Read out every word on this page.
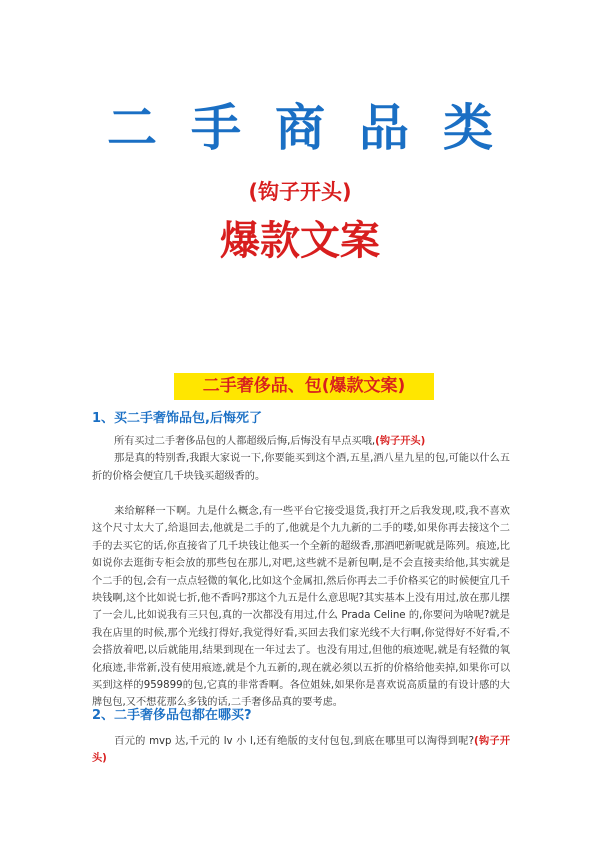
二手商品类
(钩子开头)
爆款文案
二手奢侈品、包(爆款文案)
1、买二手奢饰品包,后悔死了
所有买过二手奢侈品包的人都超级后悔,后悔没有早点买哦,(钩子开头)
那是真的特别香,我跟大家说一下,你要能买到这个酒,五星,酒八星九星的包,可能以什么五折的价格会便宜几千块钱买超级香的。
来给解释一下啊。九是什么概念,有一些平台它接受退货,我打开之后我发现,哎,我不喜欢这个尺寸太大了,给退回去,他就是二手的了,他就是个九九新的二手的喽,如果你再去接这个二手的去买它的话,你直接省了几千块钱让他买一个全新的超级香,那酒吧新呢就是陈列。痕迹,比如说你去逛街专柜会放的那些包在那儿,对吧,这些就不是新包啊,是不会直接卖给他,其实就是个二手的包,会有一点点轻微的氧化,比如这个金属扣,然后你再去二手价格买它的时候便宜几千块钱啊,这个比如说七折,他不香吗?那这个九五是什么意思呢?其实基本上没有用过,放在那儿摆了一会儿,比如说我有三只包,真的一次都没有用过,什么 Prada Celine 的,你要问为啥呢?就是我在店里的时候,那个光线打得好,我觉得好看,买回去我们家光线不大行啊,你觉得好不好看,不会搭放着吧,以后就能用,结果到现在一年过去了。也没有用过,但他的痕迹呢,就是有轻微的氧化痕迹,非常新,没有使用痕迹,就是个九五新的,现在就必须以五折的价格给他卖掉,如果你可以买到这样的959899的包,它真的非常香啊。各位姐妹,如果你是喜欢说高质量的有设计感的大牌包包,又不想花那么多钱的话,二手奢侈品真的要考虑。
2、二手奢侈品包都在哪买?
百元的 mvp 达,千元的 lv 小 l,还有绝版的支付包包,到底在哪里可以淘得到呢?(钩子开头)
